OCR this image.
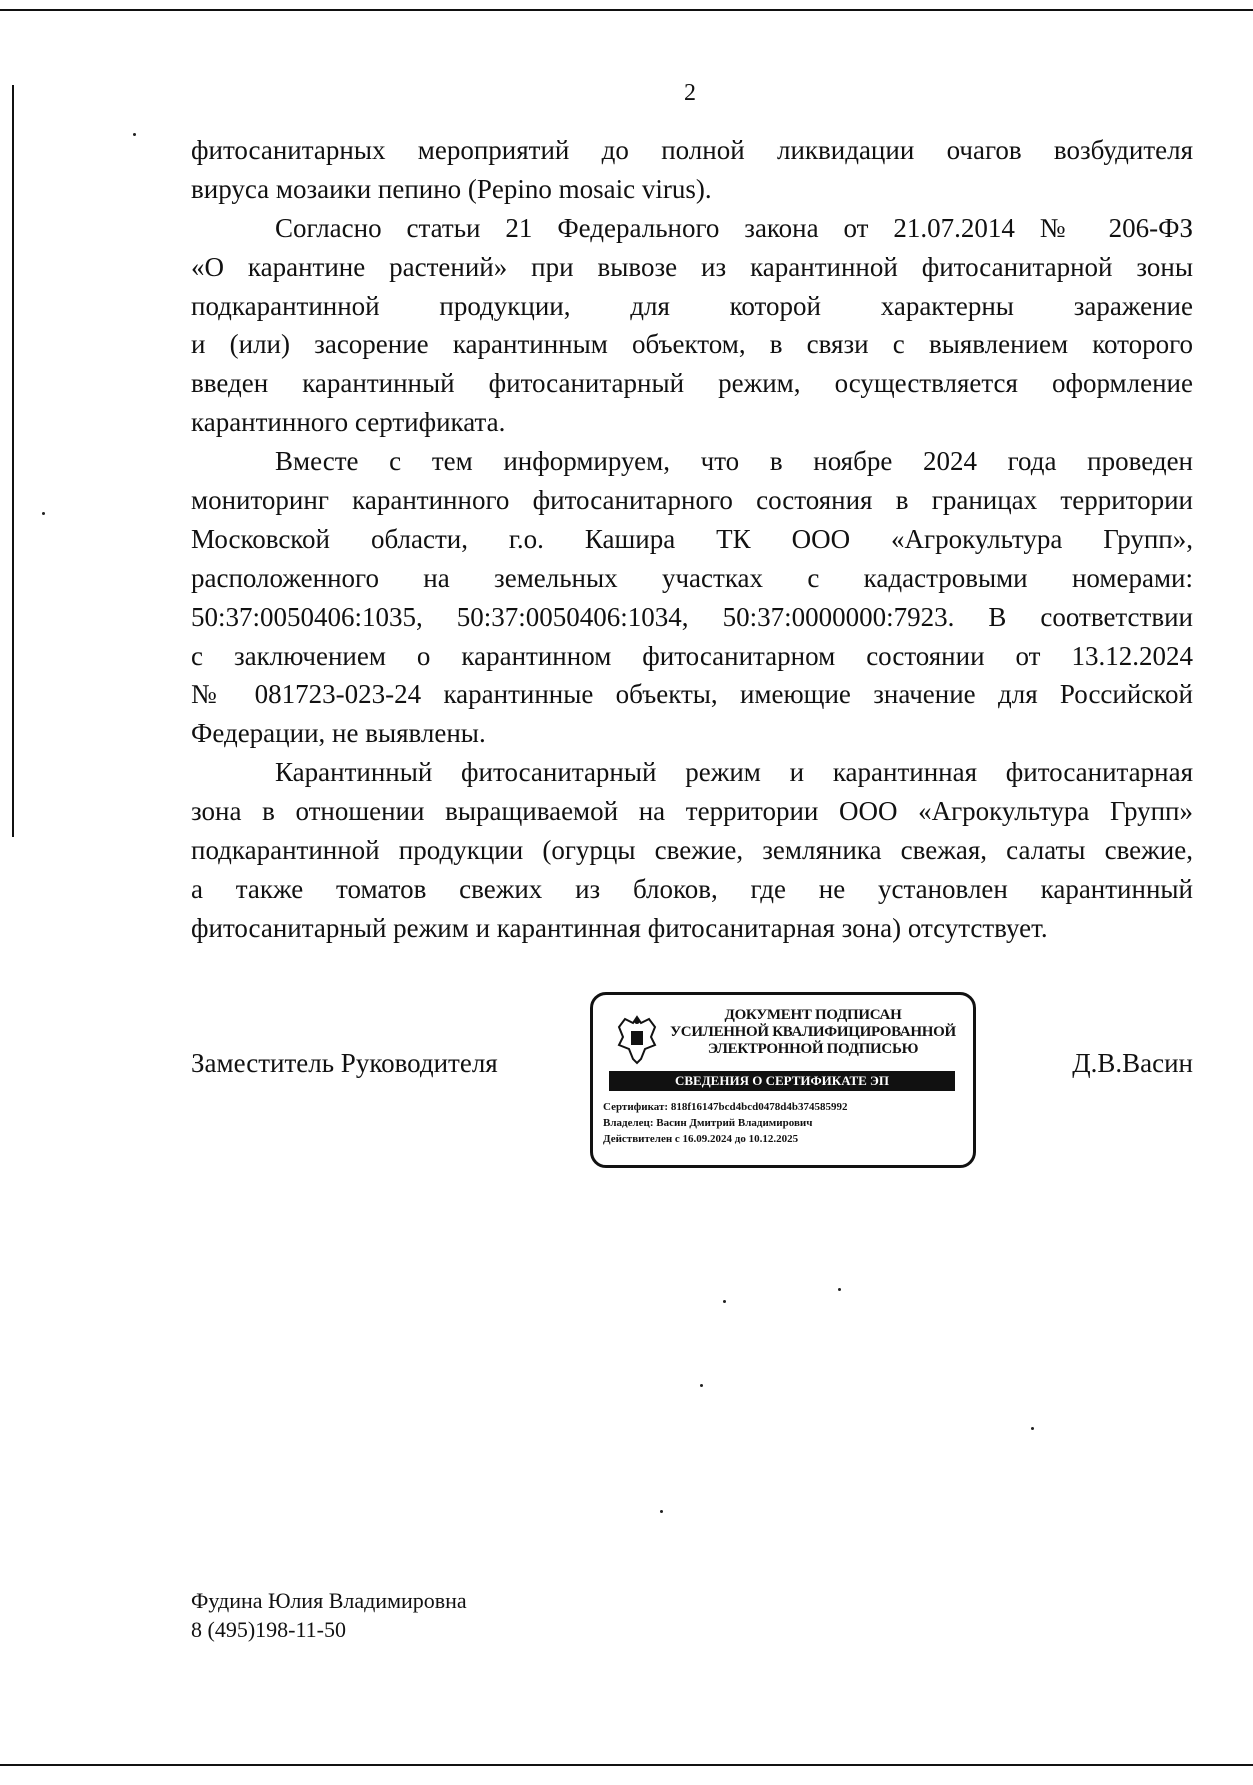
2
фитосанитарных мероприятий до полной ликвидации очагов возбудителя
вируса мозаики пепино (Pepino mosaic virus).
Согласно статьи 21 Федерального закона от 21.07.2014 № 206-ФЗ
«О карантине растений» при вывозе из карантинной фитосанитарной зоны
подкарантинной продукции, для которой характерны заражение
и (или) засорение карантинным объектом, в связи с выявлением которого
введен карантинный фитосанитарный режим, осуществляется оформление
карантинного сертификата.
Вместе с тем информируем, что в ноябре 2024 года проведен
мониторинг карантинного фитосанитарного состояния в границах территории
Московской области, г.о. Кашира ТК ООО «Агрокультура Групп»,
расположенного на земельных участках с кадастровыми номерами:
50:37:0050406:1035, 50:37:0050406:1034, 50:37:0000000:7923. В соответствии
с заключением о карантинном фитосанитарном состоянии от 13.12.2024
№ 081723-023-24 карантинные объекты, имеющие значение для Российской
Федерации, не выявлены.
Карантинный фитосанитарный режим и карантинная фитосанитарная
зона в отношении выращиваемой на территории ООО «Агрокультура Групп»
подкарантинной продукции (огурцы свежие, земляника свежая, салаты свежие,
а также томатов свежих из блоков, где не установлен карантинный
фитосанитарный режим и карантинная фитосанитарная зона) отсутствует.
Заместитель Руководителя	Д.В.Васин
ДОКУМЕНТ ПОДПИСАН
УСИЛЕННОЙ КВАЛИФИЦИРОВАННОЙ
ЭЛЕКТРОННОЙ ПОДПИСЬЮ
СВЕДЕНИЯ О СЕРТИФИКАТЕ ЭП
Сертификат: 818f16147bcd4bcd0478d4b374585992
Владелец: Васин Дмитрий Владимирович
Действителен с 16.09.2024 до 10.12.2025
Фудина Юлия Владимировна
8 (495)198-11-50
